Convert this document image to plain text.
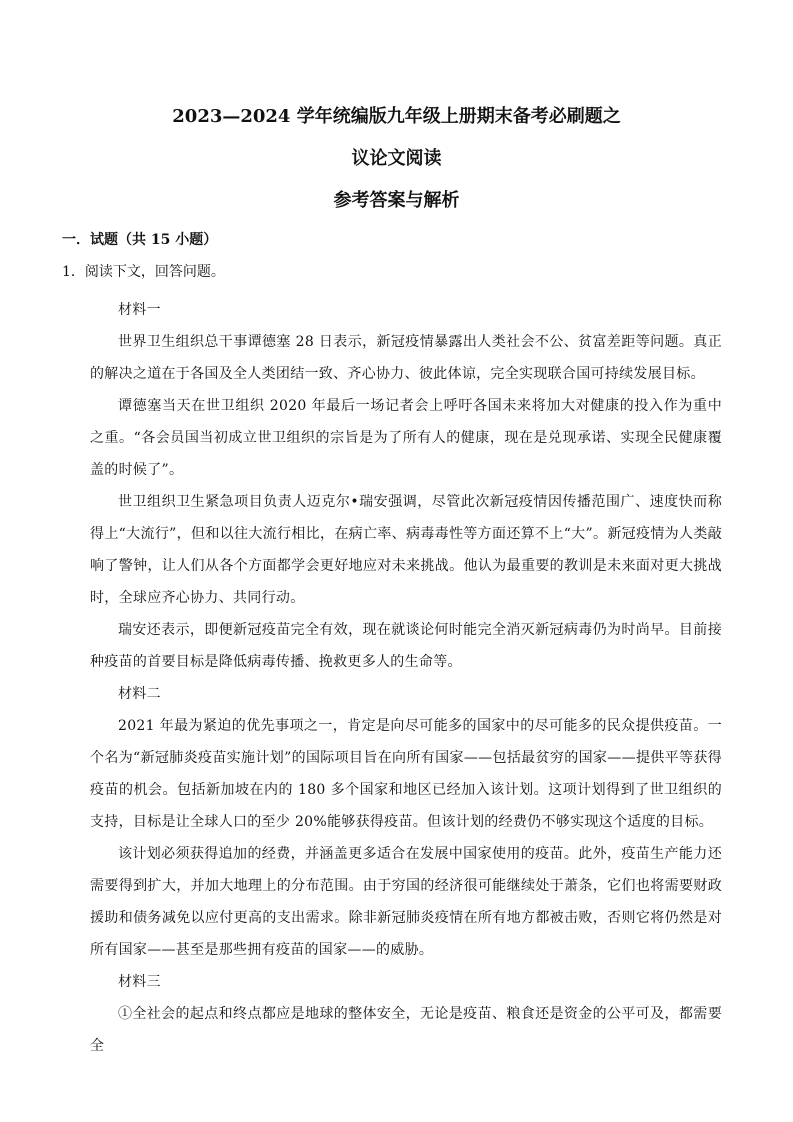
2023—2024 学年统编版九年级上册期末备考必刷题之
议论文阅读
参考答案与解析
一．试题（共 15 小题）
1．阅读下文，回答问题。

材料一

世界卫生组织总干事谭德塞 28 日表示，新冠疫情暴露出人类社会不公、贫富差距等问题。真正的解决之道在于各国及全人类团结一致、齐心协力、彼此体谅，完全实现联合国可持续发展目标。

谭德塞当天在世卫组织 2020 年最后一场记者会上呼吁各国未来将加大对健康的投入作为重中之重。“各会员国当初成立世卫组织的宗旨是为了所有人的健康，现在是兑现承诺、实现全民健康覆盖的时候了”。

世卫组织卫生紧急项目负责人迈克尔•瑞安强调，尽管此次新冠疫情因传播范围广、速度快而称得上“大流行”，但和以往大流行相比，在病亡率、病毒毒性等方面还算不上“大”。新冠疫情为人类敲响了警钟，让人们从各个方面都学会更好地应对未来挑战。他认为最重要的教训是未来面对更大挑战时，全球应齐心协力、共同行动。

瑞安还表示，即便新冠疫苗完全有效，现在就谈论何时能完全消灭新冠病毒仍为时尚早。目前接种疫苗的首要目标是降低病毒传播、挽救更多人的生命等。

材料二

2021 年最为紧迫的优先事项之一，肯定是向尽可能多的国家中的尽可能多的民众提供疫苗。一个名为“新冠肺炎疫苗实施计划”的国际项目旨在向所有国家——包括最贫穷的国家——提供平等获得疫苗的机会。包括新加坡在内的 180 多个国家和地区已经加入该计划。这项计划得到了世卫组织的支持，目标是让全球人口的至少 20%能够获得疫苗。但该计划的经费仍不够实现这个适度的目标。

该计划必须获得追加的经费，并涵盖更多适合在发展中国家使用的疫苗。此外，疫苗生产能力还需要得到扩大，并加大地理上的分布范围。由于穷国的经济很可能继续处于萧条，它们也将需要财政援助和债务减免以应付更高的支出需求。除非新冠肺炎疫情在所有地方都被击败，否则它将仍然是对所有国家——甚至是那些拥有疫苗的国家——的威胁。

材料三

①全社会的起点和终点都应是地球的整体安全，无论是疫苗、粮食还是资金的公平可及，都需要全
